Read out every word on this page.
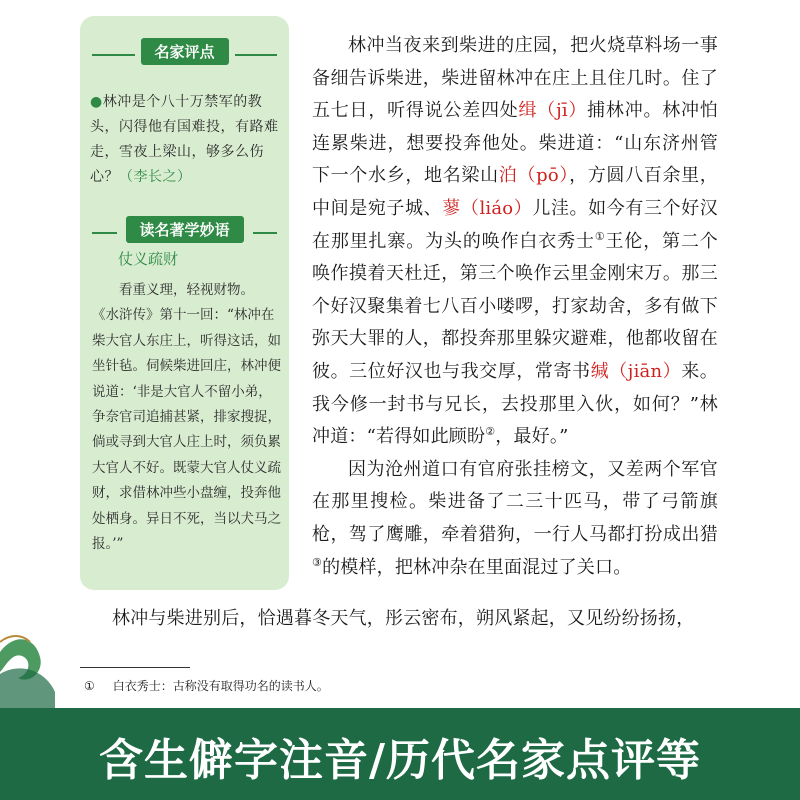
名家评点
●林冲是个八十万禁军的教头，闪得他有国难投，有路难走，雪夜上梁山，够多么伤心？（李长之）
读名著学妙语
仗义疏财

看重义理，轻视财物。

《水浒传》第十一回：“林冲在柴大官人东庄上，听得这话，如坐针毡。伺候柴进回庄，林冲便说道：‘非是大官人不留小弟，争奈官司追捕甚紧，排家搜捉，倘或寻到大官人庄上时，须负累大官人不好。既蒙大官人仗义疏财，求借林冲些小盘缠，投奔他处栖身。异日不死，当以犬马之报。’”

林冲当夜来到柴进的庄园，把火烧草料场一事备细告诉柴进，柴进留林冲在庄上且住几时。住了五七日，听得说公差四处缉（jī）捕林冲。林冲怕连累柴进，想要投奔他处。柴进道：“山东济州管下一个水乡，地名梁山泊（pō），方圆八百余里，中间是宛子城、蓼（liáo）儿洼。如今有三个好汉在那里扎寨。为头的唤作白衣秀士①王伦，第二个唤作摸着天杜迁，第三个唤作云里金刚宋万。那三个好汉聚集着七八百小喽啰，打家劫舍，多有做下弥天大罪的人，都投奔那里躲灾避难，他都收留在彼。三位好汉也与我交厚，常寄书缄（jiān）来。我今修一封书与兄长，去投那里入伙，如何？”林冲道：“若得如此顾盼②，最好。”

因为沧州道口有官府张挂榜文，又差两个军官在那里搜检。柴进备了二三十匹马，带了弓箭旗枪，驾了鹰雕，牵着猎狗，一行人马都打扮成出猎③的模样，把林冲杂在里面混过了关口。

林冲与柴进别后，恰遇暮冬天气，彤云密布，朔风紧起，又见纷纷扬扬，
① 白衣秀士：古称没有取得功名的读书人。
含生僻字注音/历代名家点评等
